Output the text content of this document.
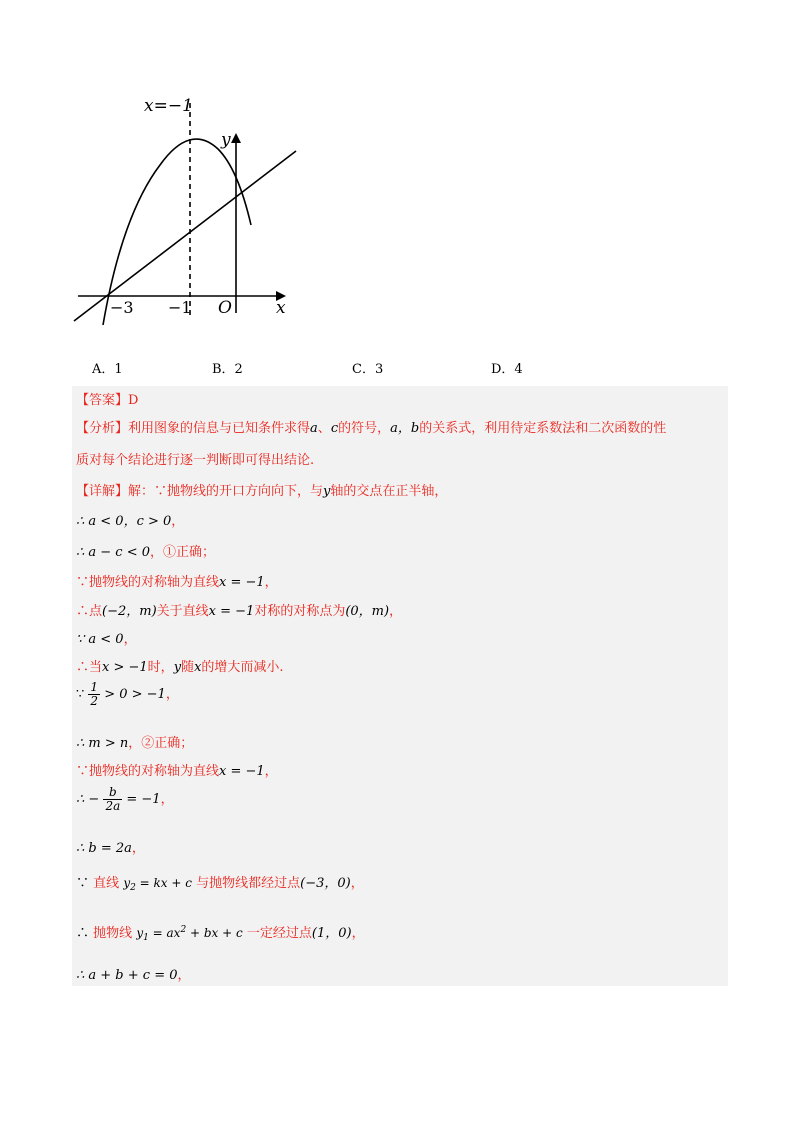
x=−1
y
x
−3 −1 O
A．1	B．2	C．3	D．4
【答案】D
【分析】利用图象的信息与已知条件求得a、c的符号，a，b的关系式，利用待定系数法和二次函数的性
质对每个结论进行逐一判断即可得出结论.
【详解】解：∵抛物线的开口方向向下，与y轴的交点在正半轴，
∴ a < 0，c > 0，
∴ a − c < 0，①正确；
∵抛物线的对称轴为直线x = −1，
∴点(−2，m)关于直线x = −1对称的对称点为(0，m)，
∵ a < 0，
∴当x > −1时，y随x的增大而减小.
∵ $\frac{1}{2} > 0 > -1$，
∴ m > n，②正确；
∵抛物线的对称轴为直线x = −1，
∴ − $\frac{b}{2a} = -1$，
∴ b = 2a，
∵ 直线 $y_2$ = kx + c 与抛物线都经过点(−3，0)，
∴ 抛物线 $y_1 = ax^2$ + bx + c 一定经过点(1，0)，
∴ a + b + c = 0，
